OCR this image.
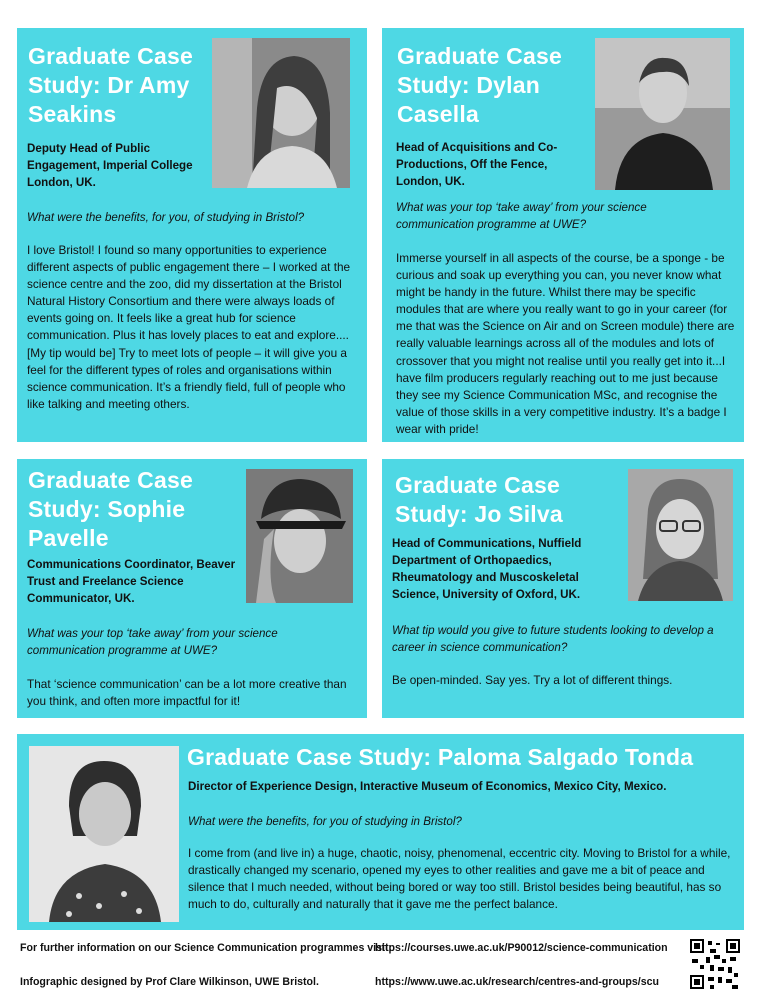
Graduate Case Study: Dr Amy Seakins
Deputy Head of Public Engagement, Imperial College London, UK.
What were the benefits, for you, of studying in Bristol?
I love Bristol! I found so many opportunities to experience different aspects of public engagement there – I worked at the science centre and the zoo, did my dissertation at the Bristol Natural History Consortium and there were always loads of events going on. It feels like a great hub for science communication. Plus it has lovely places to eat and explore....[My tip would be] Try to meet lots of people – it will give you a feel for the different types of roles and organisations within science communication. It’s a friendly field, full of people who like talking and meeting others.
Graduate Case Study: Dylan Casella
Head of Acquisitions and Co-Productions, Off the Fence, London, UK.
What was your top ‘take away’ from your science communication programme at UWE?
Immerse yourself in all aspects of the course, be a sponge - be curious and soak up everything you can, you never know what might be handy in the future. Whilst there may be specific modules that are where you really want to go in your career (for me that was the Science on Air and on Screen module) there are really valuable learnings across all of the modules and lots of crossover that you might not realise until you really get into it...I have film producers regularly reaching out to me just because they see my Science Communication MSc, and recognise the value of those skills in a very competitive industry. It’s a badge I wear with pride!
Graduate Case Study: Sophie Pavelle
Communications Coordinator, Beaver Trust and Freelance Science Communicator, UK.
What was your top ‘take away’ from your science communication programme at UWE?
That ‘science communication’ can be a lot more creative than you think, and often more impactful for it!
Graduate Case Study: Jo Silva
Head of Communications, Nuffield Department of Orthopaedics, Rheumatology and Muscoskeletal Science, University of Oxford, UK.
What tip would you give to future students looking to develop a career in science communication?
Be open-minded. Say yes. Try a lot of different things.
Graduate Case Study: Paloma Salgado Tonda
Director of Experience Design, Interactive Museum of Economics, Mexico City, Mexico.
What were the benefits, for you of studying in Bristol?
I come from (and live in) a huge, chaotic, noisy, phenomenal, eccentric city. Moving to Bristol for a while, drastically changed my scenario, opened my eyes to other realities and gave me a bit of peace and silence that I much needed, without being bored or way too still. Bristol besides being beautiful, has so much to do, culturally and naturally that it gave me the perfect balance.
For further information on our Science Communication programmes visit:
https://courses.uwe.ac.uk/P90012/science-communication
Infographic designed by Prof Clare Wilkinson, UWE Bristol.	https://www.uwe.ac.uk/research/centres-and-groups/scu
